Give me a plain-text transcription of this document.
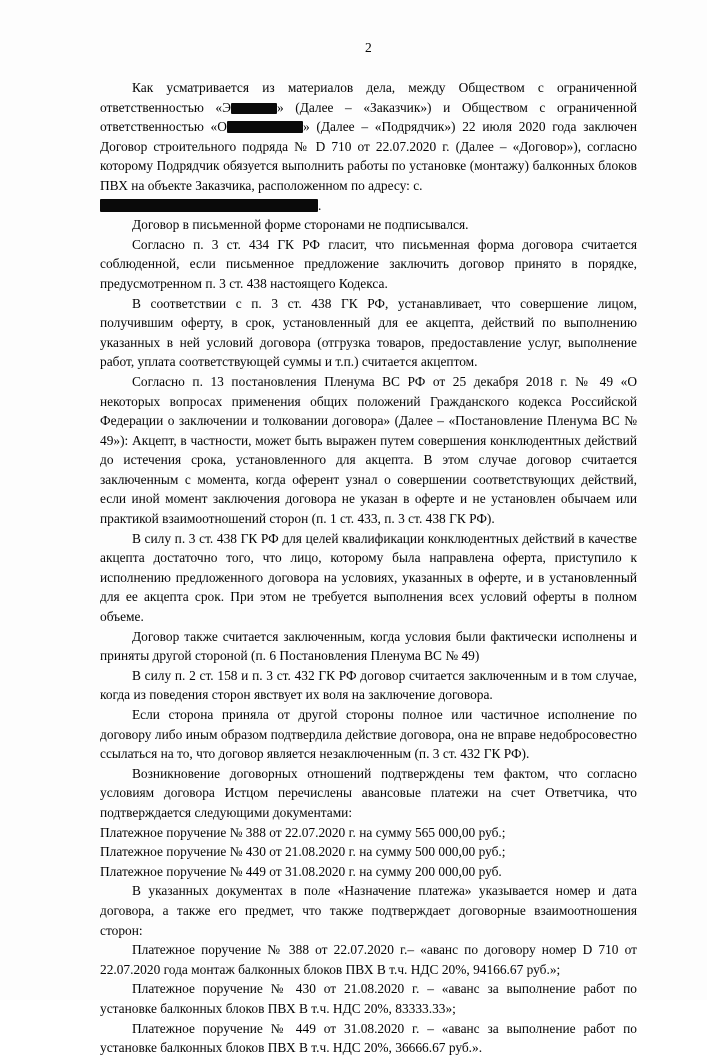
2

Как усматривается из материалов дела, между Обществом с ограниченной ответственностью «Э	» (Далее – «Заказчик») и Обществом с ограниченной ответственностью «О	» (Далее – «Подрядчик») 22 июля 2020 года заключен Договор строительного подряда № D 710 от 22.07.2020 г. (Далее – «Договор»), согласно которому Подрядчик обязуется выполнить работы по установке (монтажу) балконных блоков ПВХ на объекте Заказчика, расположенном по адресу: с.

.

Договор в письменной форме сторонами не подписывался.

Согласно п. 3 ст. 434 ГК РФ гласит, что письменная форма договора считается соблюденной, если письменное предложение заключить договор принято в порядке, предусмотренном п. 3 ст. 438 настоящего Кодекса.

В соответствии с п. 3 ст. 438 ГК РФ, устанавливает, что совершение лицом, получившим оферту, в срок, установленный для ее акцепта, действий по выполнению указанных в ней условий договора (отгрузка товаров, предоставление услуг, выполнение работ, уплата соответствующей суммы и т.п.) считается акцептом.

Согласно п. 13 постановления Пленума ВС РФ от 25 декабря 2018 г. № 49 «О некоторых вопросах применения общих положений Гражданского кодекса Российской Федерации о заключении и толковании договора» (Далее – «Постановление Пленума ВС № 49»): Акцепт, в частности, может быть выражен путем совершения конклюдентных действий до истечения срока, установленного для акцепта. В этом случае договор считается заключенным с момента, когда оферент узнал о совершении соответствующих действий, если иной момент заключения договора не указан в оферте и не установлен обычаем или практикой взаимоотношений сторон (п. 1 ст. 433, п. 3 ст. 438 ГК РФ).

В силу п. 3 ст. 438 ГК РФ для целей квалификации конклюдентных действий в качестве акцепта достаточно того, что лицо, которому была направлена оферта, приступило к исполнению предложенного договора на условиях, указанных в оферте, и в установленный для ее акцепта срок. При этом не требуется выполнения всех условий оферты в полном объеме.

Договор также считается заключенным, когда условия были фактически исполнены и приняты другой стороной (п. 6 Постановления Пленума ВС № 49)

В силу п. 2 ст. 158 и п. 3 ст. 432 ГК РФ договор считается заключенным и в том случае, когда из поведения сторон явствует их воля на заключение договора.

Если сторона приняла от другой стороны полное или частичное исполнение по договору либо иным образом подтвердила действие договора, она не вправе недобросовестно ссылаться на то, что договор является незаключенным (п. 3 ст. 432 ГК РФ).

Возникновение договорных отношений подтверждены тем фактом, что согласно условиям договора Истцом перечислены авансовые платежи на счет Ответчика, что подтверждается следующими документами:

Платежное поручение № 388 от 22.07.2020 г. на сумму 565 000,00 руб.;

Платежное поручение № 430 от 21.08.2020 г. на сумму 500 000,00 руб.;

Платежное поручение № 449 от 31.08.2020 г. на сумму 200 000,00 руб.

В указанных документах в поле «Назначение платежа» указывается номер и дата договора, а также его предмет, что также подтверждает договорные взаимоотношения сторон:

Платежное поручение № 388 от 22.07.2020 г.– «аванс по договору номер D 710 от 22.07.2020 года монтаж балконных блоков ПВХ В т.ч. НДС 20%, 94166.67 руб.»;

Платежное поручение № 430 от 21.08.2020 г. – «аванс за выполнение работ по установке балконных блоков ПВХ В т.ч. НДС 20%, 83333.33»;

Платежное поручение № 449 от 31.08.2020 г. – «аванс за выполнение работ по установке балконных блоков ПВХ В т.ч. НДС 20%, 36666.67 руб.».
